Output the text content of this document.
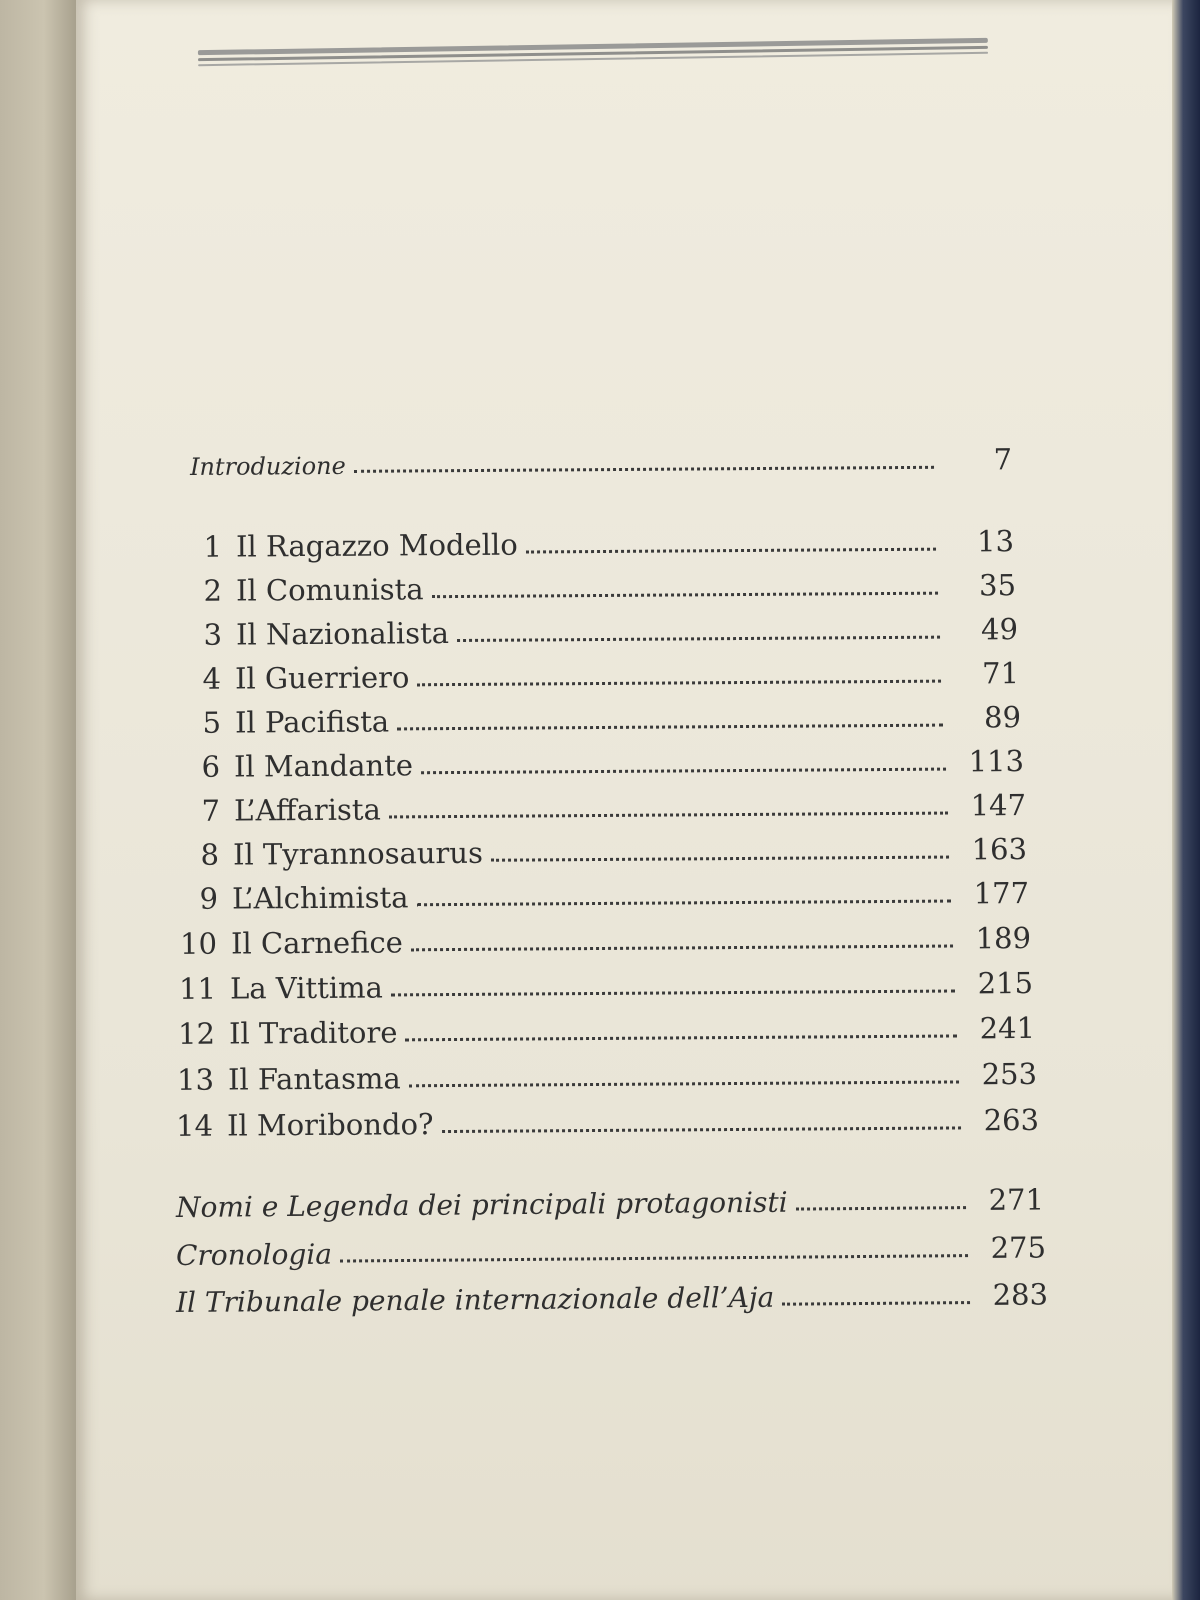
Introduzione	7
1 Il Ragazzo Modello	13
2 Il Comunista	35
3 Il Nazionalista	49
4 Il Guerriero	71
5 Il Pacifista	89
6 Il Mandante	113
7 L’Affarista	147
8 Il Tyrannosaurus	163
9 L’Alchimista	177
10 Il Carnefice	189
11 La Vittima	215
12 Il Traditore	241
13 Il Fantasma	253
14 Il Moribondo?	263
Nomi e Legenda dei principali protagonisti	271
Cronologia	275
Il Tribunale penale internazionale dell’Aja	283
